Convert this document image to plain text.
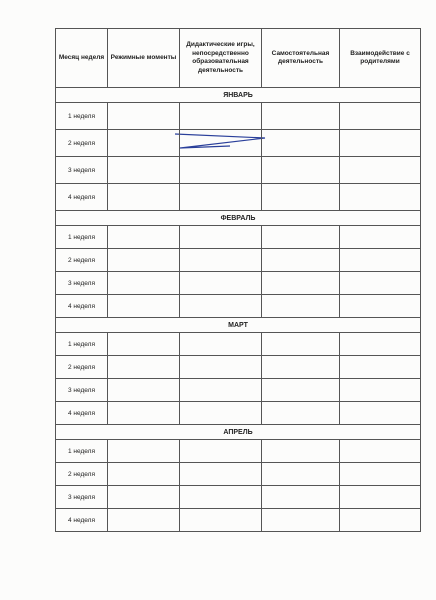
Месяц неделя	Режимные моменты	Дидактические игры, непосредственно образовательная деятельность	Самостоятельная деятельность	Взаимодействие с родителями
ЯНВАРЬ				
1 неделя				
2 неделя				
3 неделя				
4 неделя				
ФЕВРАЛЬ				
1 неделя				
2 неделя				
3 неделя				
4 неделя				
МАРТ				
1 неделя				
2 неделя				
3 неделя				
4 неделя				
АПРЕЛЬ				
1 неделя				
2 неделя				
3 неделя				
4 неделя				
